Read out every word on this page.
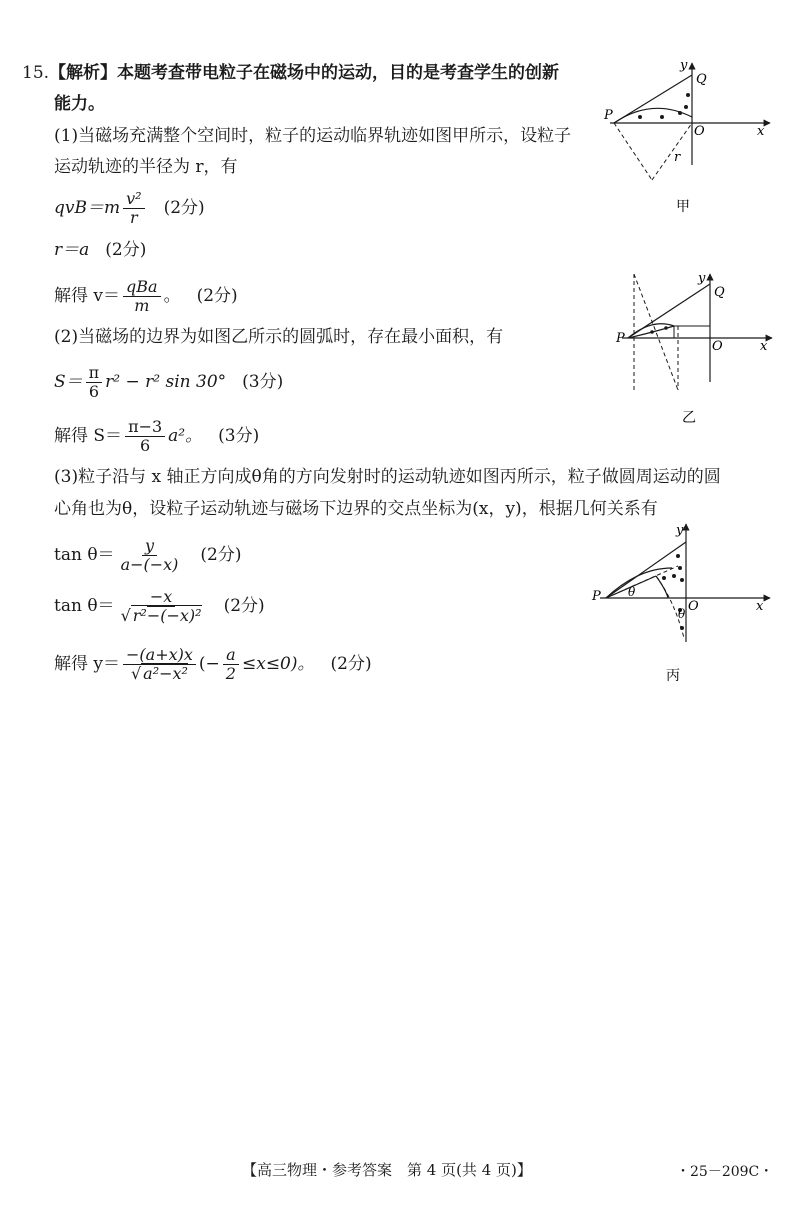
15.【解析】本题考查带电粒子在磁场中的运动，目的是考查学生的创新
能力。
(1)当磁场充满整个空间时，粒子的运动临界轨迹如图甲所示，设粒子
运动轨迹的半径为 r，有
$qvB=m \frac{\text{v²}}{r} (2$分)
r＝a (2分)
解得 $v= \frac{\text{qBa}}{m}$ 。 (2分)
(2)当磁场的边界为如图乙所示的圆弧时，存在最小面积，有
$S= \frac{\pi}{6} r^2 - r^2$ sin 30° (3分)
解得 $S= \frac{\pi-3}{6} a^2$。 (3分)
(3)粒子沿与 x 轴正方向成θ角的方向发射时的运动轨迹如图丙所示，粒子做圆周运动的圆
心角也为θ，设粒子运动轨迹与磁场下边界的交点坐标为(x，y)，根据几何关系有
$\tan \theta= \frac{y}{a-(-x)} (2$分)
$\tan \theta= \frac{-x}{\text{√ r²−(−x)²}} (2$分)
解得 $y= \frac{-(a+x)x}{\text{√ a²−x²}}$ (− $\frac{a}{2} \le x\le 0$)。 (2分)
y
Q
P
O	x
r
甲
y
Q
P
O	x
乙
y
P θ
θ O	x
丙
【高三物理・参考答案　第 4 页(共 4 页)】	・25－209C・
